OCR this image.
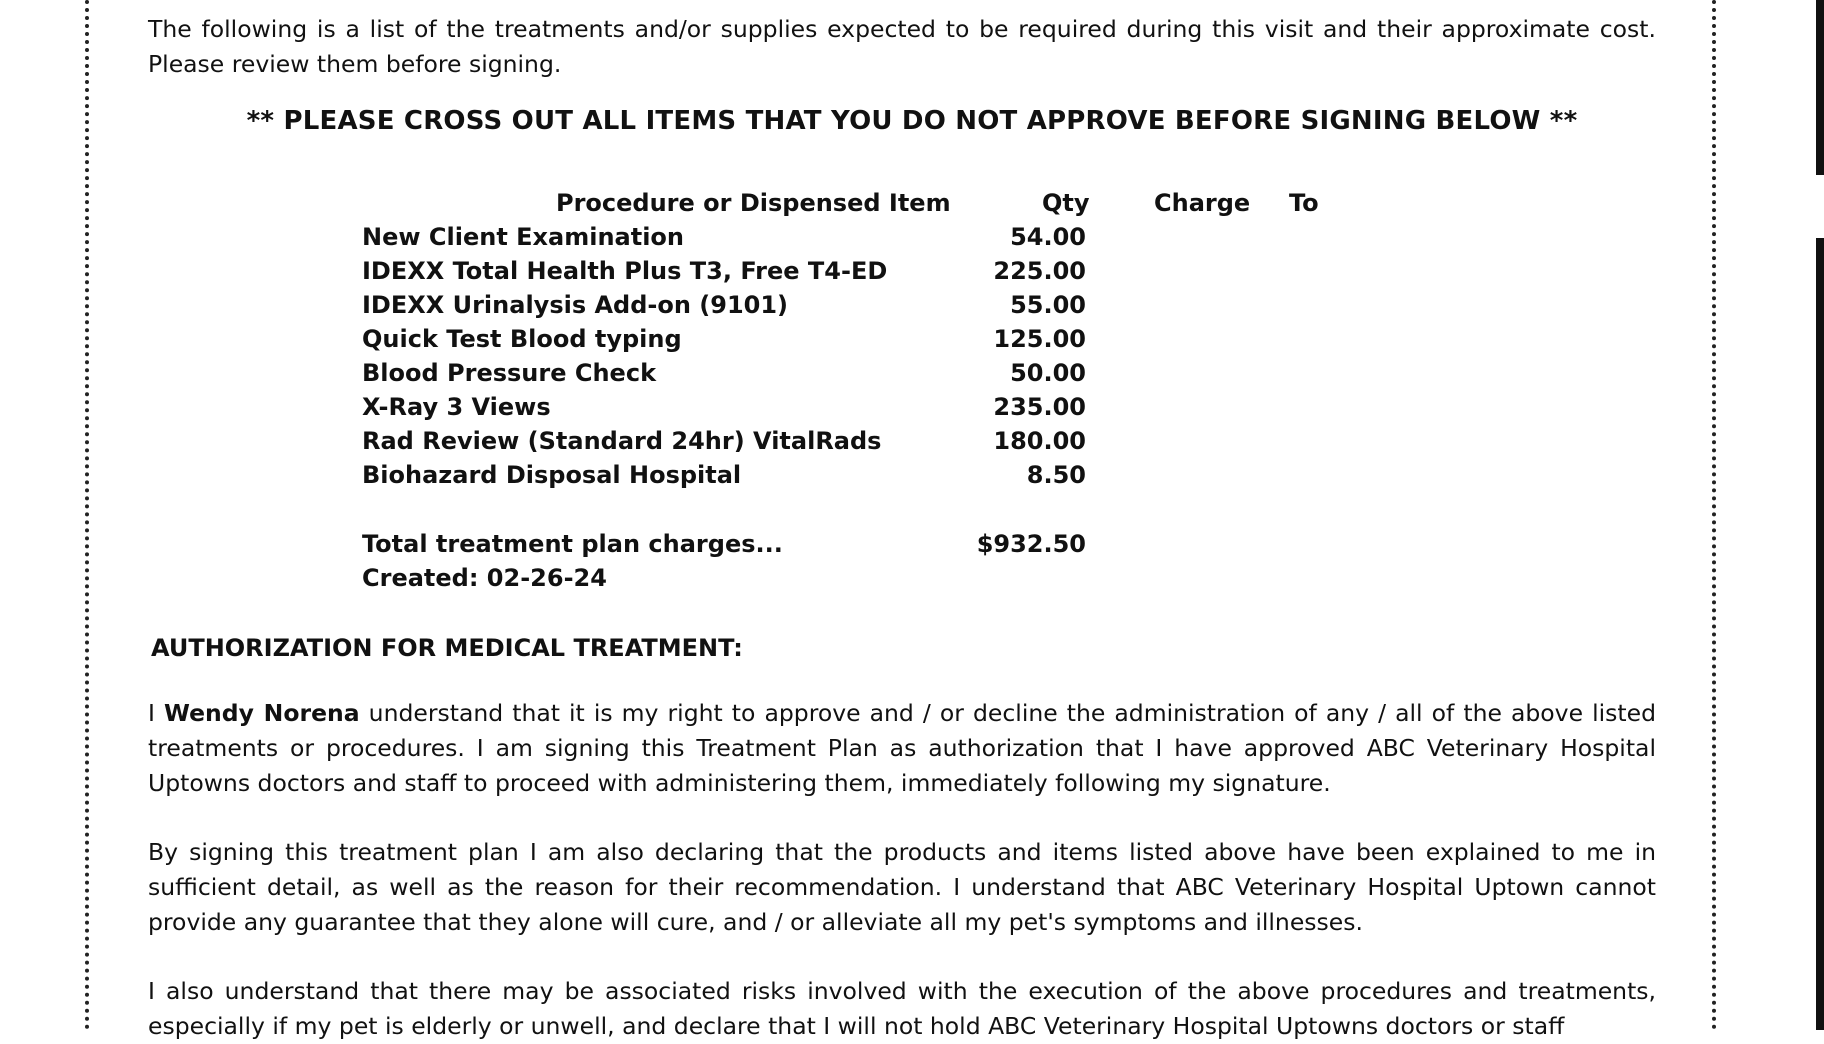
The following is a list of the treatments and/or supplies expected to be required during this visit and their approximate cost. Please review them before signing.

** PLEASE CROSS OUT ALL ITEMS THAT YOU DO NOT APPROVE BEFORE SIGNING BELOW **
Procedure or Dispensed Item	Qty	Charge To
New Client Examination	54.00
IDEXX Total Health Plus T3, Free T4-ED	225.00
IDEXX Urinalysis Add-on (9101)	55.00
Quick Test Blood typing	125.00
Blood Pressure Check	50.00
X-Ray 3 Views	235.00
Rad Review (Standard 24hr) VitalRads	180.00
Biohazard Disposal Hospital	8.50
Total treatment plan charges...	$932.50
Created: 02-26-24
AUTHORIZATION FOR MEDICAL TREATMENT:

I Wendy Norena understand that it is my right to approve and / or decline the administration of any / all of the above listed treatments or procedures. I am signing this Treatment Plan as authorization that I have approved ABC Veterinary Hospital Uptowns doctors and staff to proceed with administering them, immediately following my signature.

By signing this treatment plan I am also declaring that the products and items listed above have been explained to me in sufficient detail, as well as the reason for their recommendation. I understand that ABC Veterinary Hospital Uptown cannot provide any guarantee that they alone will cure, and / or alleviate all my pet's symptoms and illnesses.

I also understand that there may be associated risks involved with the execution of the above procedures and treatments, especially if my pet is elderly or unwell, and declare that I will not hold ABC Veterinary Hospital Uptowns doctors or staff
